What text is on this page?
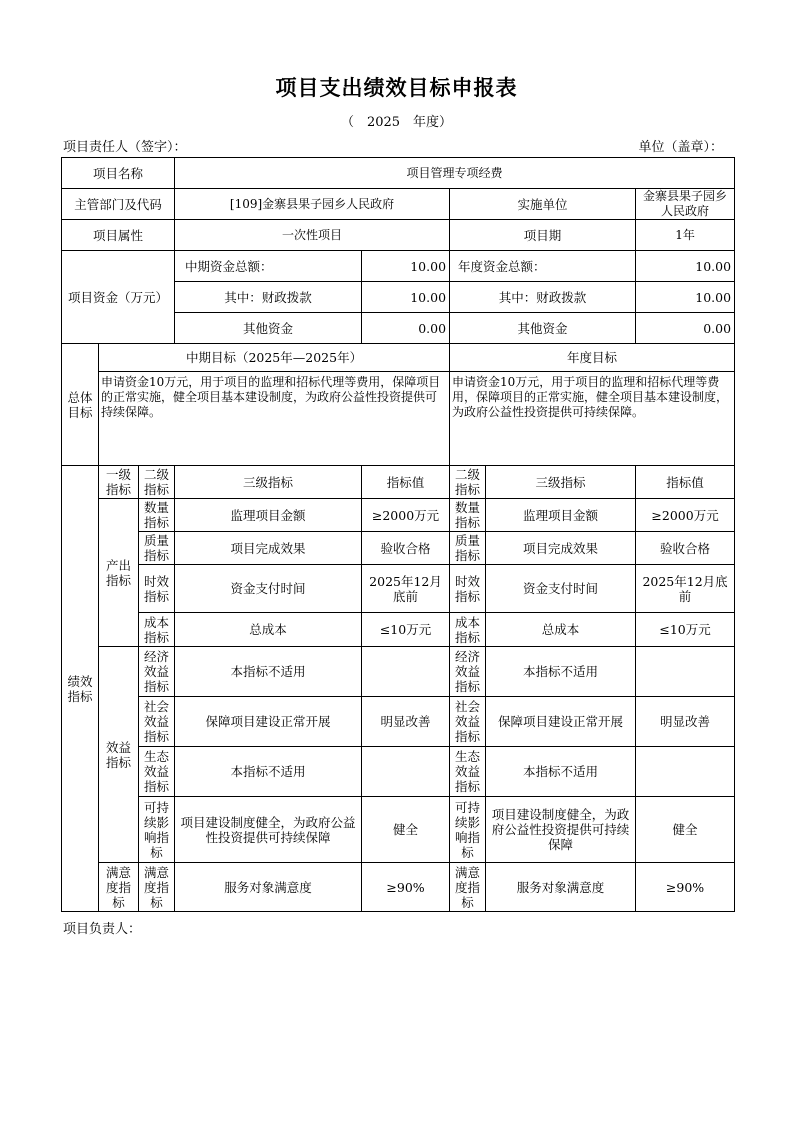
项目支出绩效目标申报表
（　2025　年度）
项目责任人（签字）：	单位（盖章）：
项目名称			项目管理专项经费				
主管部门及代码			[109]金寨县果子园乡人民政府		实施单位		金寨县果子园乡人民政府
项目属性			一次性项目		项目期		1年
项目资金（万元）			中期资金总额：	10.00	年度资金总额：		10.00
			其中：财政拨款	10.00	其中：财政拨款		10.00
			其他资金	0.00	其他资金		0.00
总体目标	中期目标（2025年—2025年）				年度目标		
	申请资金10万元，用于项目的监理和招标代理等费用，保障项目的正常实施，健全项目基本建设制度，为政府公益性投资提供可持续保障。				申请资金10万元，用于项目的监理和招标代理等费用，保障项目的正常实施，健全项目基本建设制度，为政府公益性投资提供可持续保障。		
绩效指标	一级指标	二级指标	三级指标	指标值	二级指标	三级指标	指标值
	产出指标	数量指标	监理项目金额	≥2000万元	数量指标	监理项目金额	≥2000万元
		质量指标	项目完成效果	验收合格	质量指标	项目完成效果	验收合格
		时效指标	资金支付时间	2025年12月底前	时效指标	资金支付时间	2025年12月底前
		成本指标	总成本	≤10万元	成本指标	总成本	≤10万元
	效益指标	经济效益指标	本指标不适用		经济效益指标	本指标不适用	
		社会效益指标	保障项目建设正常开展	明显改善	社会效益指标	保障项目建设正常开展	明显改善
		生态效益指标	本指标不适用		生态效益指标	本指标不适用	
		可持续影响指标	项目建设制度健全，为政府公益性投资提供可持续保障	健全	可持续影响指标	项目建设制度健全，为政府公益性投资提供可持续保障	健全
	满意度指标	满意度指标	服务对象满意度	≥90%	满意度指标	服务对象满意度	≥90%
项目负责人：
